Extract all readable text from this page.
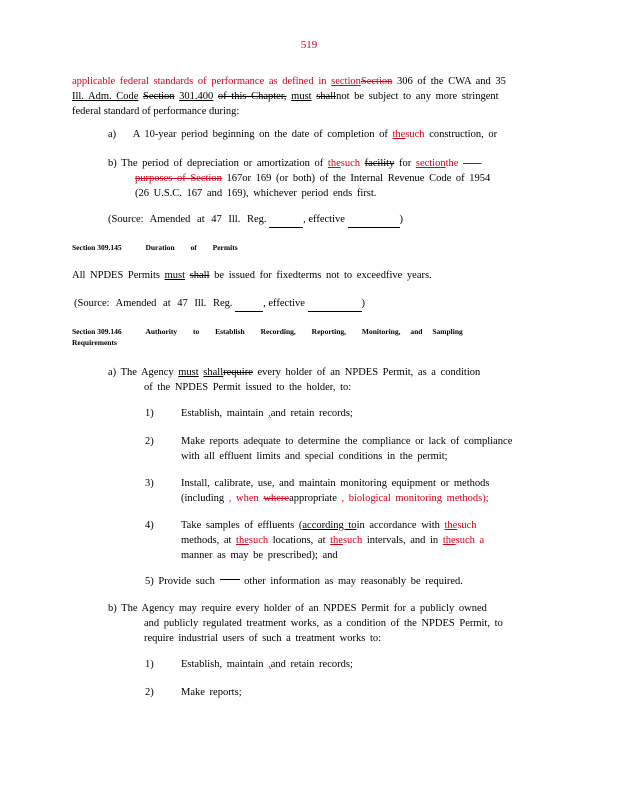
519
applicable federal standards of performance as defined in sectionSection 306 of the CWA and 35
Ill. Adm. Code Section 301.400 of this Chapter, must shallnot be subject to any more stringent
federal standard of performance during:
a) A 10-year period beginning on the date of completion of thesuch construction, or
b) The period of depreciation or amortization of thesuch facility for sectionthe
purposes of Section 167or 169 (or both) of the Internal Revenue Code of 1954
(26 U.S.C. 167 and 169), whichever period ends first.
(Source: Amended at 47 Ill. Reg.	, effective	)
Section 309.145	Duration of Permits
All NPDES Permits must shall be issued for fixedterms not to exceedfive years.
(Source: Amended at 47 Ill. Reg.	, effective	)
Section 309.146	Authority to Establish Recording, Reporting, Monitoring, and Sampling
Requirements
a) The Agency must shallrequire every holder of an NPDES Permit, as a condition
of the NPDES Permit issued to the holder, to:
1)	Establish, maintain ,and retain records;
2)	Make reports adequate to determine the compliance or lack of compliance
with all effluent limits and special conditions in the permit;
3)	Install, calibrate, use, and maintain monitoring equipment or methods
(including , when whereappropriate , biological monitoring methods);
4)	Take samples of effluents (according toin accordance with thesuch
methods, at thesuch locations, at thesuch intervals, and in thesuch a
manner as may be prescribed); and
5) Provide such	other information as may reasonably be required.
b) The Agency may require every holder of an NPDES Permit for a publicly owned
and publicly regulated treatment works, as a condition of the NPDES Permit, to
require industrial users of such a treatment works to:
1)	Establish, maintain ,and retain records;
2)	Make reports;
